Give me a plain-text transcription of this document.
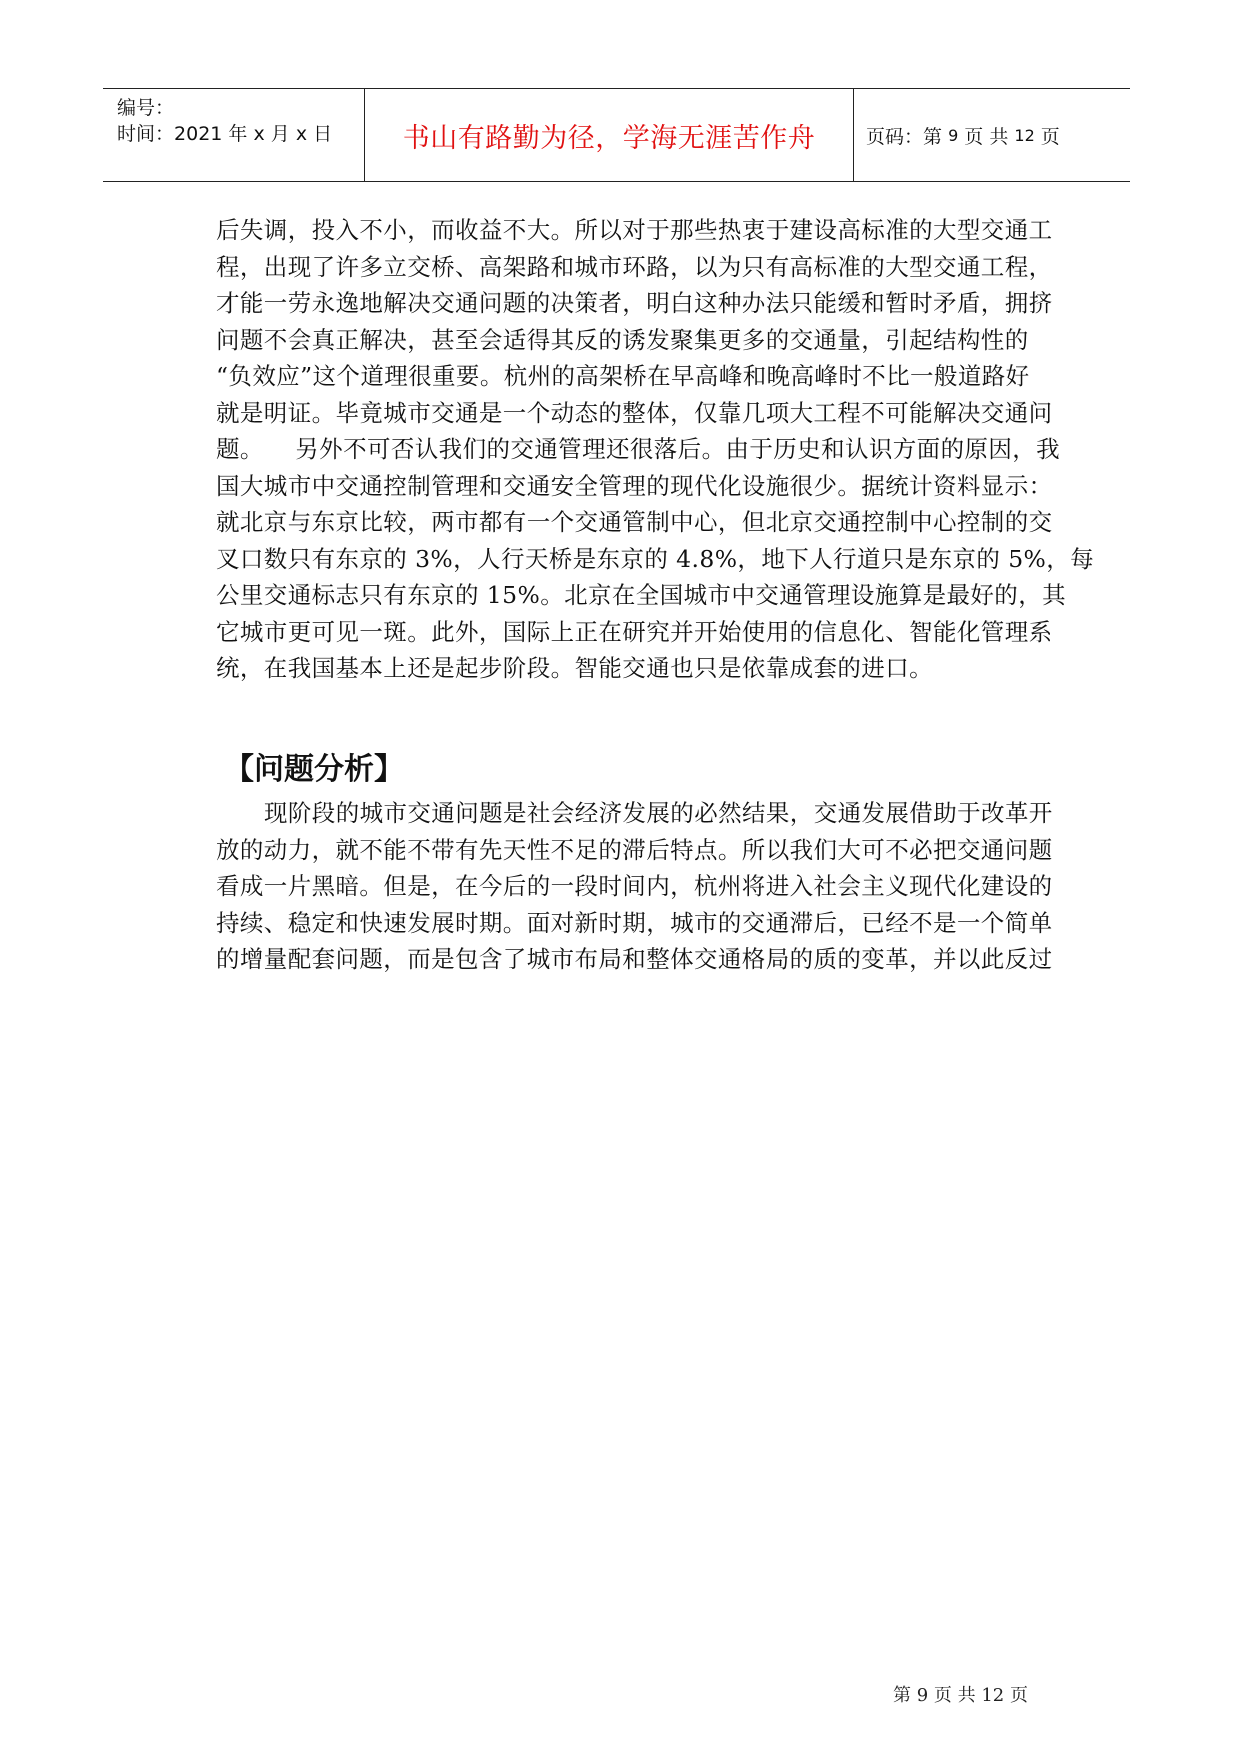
编号：
时间：2021 年 x 月 x 日	书山有路勤为径，学海无涯苦作舟	页码：第
9
页 共
12
页
后失调，投入不小，而收益不大。所以对于那些热衷于建设高标准的大型交通工
程，出现了许多立交桥、高架路和城市环路，以为只有高标准的大型交通工程，
才能一劳永逸地解决交通问题的决策者，明白这种办法只能缓和暂时矛盾，拥挤
问题不会真正解决，甚至会适得其反的诱发聚集更多的交通量，引起结构性的
“负效应”这个道理很重要。杭州的高架桥在早高峰和晚高峰时不比一般道路好
就是明证。毕竟城市交通是一个动态的整体，仅靠几项大工程不可能解决交通问
题。    另外不可否认我们的交通管理还很落后。由于历史和认识方面的原因，我
国大城市中交通控制管理和交通安全管理的现代化设施很少。据统计资料显示：
就北京与东京比较，两市都有一个交通管制中心，但北京交通控制中心控制的交
叉口数只有东京的 3%，人行天桥是东京的 4.8%，地下人行道只是东京的 5%，每
公里交通标志只有东京的 15%。北京在全国城市中交通管理设施算是最好的，其
它城市更可见一斑。此外，国际上正在研究并开始使用的信息化、智能化管理系
统，在我国基本上还是起步阶段。智能交通也只是依靠成套的进口。
【问题分析】
现阶段的城市交通问题是社会经济发展的必然结果，交通发展借助于改革开
放的动力，就不能不带有先天性不足的滞后特点。所以我们大可不必把交通问题
看成一片黑暗。但是，在今后的一段时间内，杭州将进入社会主义现代化建设的
持续、稳定和快速发展时期。面对新时期，城市的交通滞后，已经不是一个简单
的增量配套问题，而是包含了城市布局和整体交通格局的质的变革，并以此反过
第 9 页 共 12 页
